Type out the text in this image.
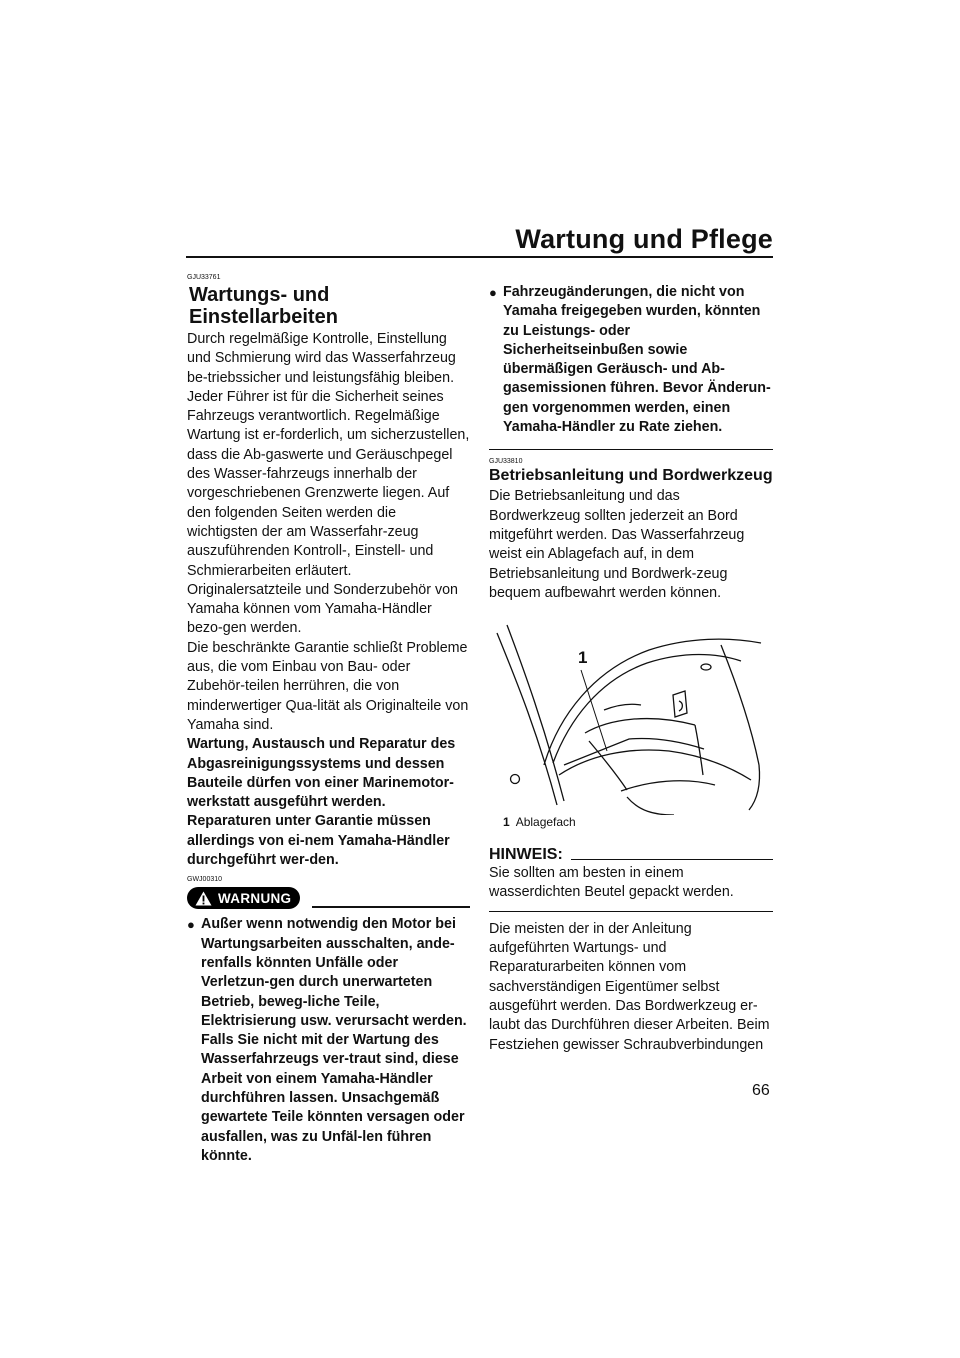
Wartung und Pflege

GJU33761

Wartungs- und Einstellarbeiten

Durch regelmäßige Kontrolle, Einstellung und Schmierung wird das Wasserfahrzeug be-triebssicher und leistungsfähig bleiben. Jeder Führer ist für die Sicherheit seines Fahrzeugs verantwortlich. Regelmäßige Wartung ist er-forderlich, um sicherzustellen, dass die Ab-gaswerte und Geräuschpegel des Wasser-fahrzeugs innerhalb der vorgeschriebenen Grenzwerte liegen. Auf den folgenden Seiten werden die wichtigsten der am Wasserfahr-zeug auszuführenden Kontroll-, Einstell- und Schmierarbeiten erläutert.

Originalersatzteile und Sonderzubehör von Yamaha können vom Yamaha-Händler bezo-gen werden.

Die beschränkte Garantie schließt Probleme aus, die vom Einbau von Bau- oder Zubehör-teilen herrühren, die von minderwertiger Qua-lität als Originalteile von Yamaha sind.

Wartung, Austausch und Reparatur des Abgasreinigungssystems und dessen Bauteile dürfen von einer Marinemotor-werkstatt ausgeführt werden. Reparaturen unter Garantie müssen allerdings von ei-nem Yamaha-Händler durchgeführt wer-den.

GWJ00310

WARNUNG
● Außer wenn notwendig den Motor bei Wartungsarbeiten ausschalten, ande-renfalls könnten Unfälle oder Verletzun-gen durch unerwarteten Betrieb, beweg-liche Teile, Elektrisierung usw. verursacht werden. Falls Sie nicht mit der Wartung des Wasserfahrzeugs ver-traut sind, diese Arbeit von einem Yamaha-Händler durchführen lassen. Unsachgemäß gewartete Teile könnten versagen oder ausfallen, was zu Unfäl-len führen könnte.

● Fahrzeugänderungen, die nicht von Yamaha freigegeben wurden, könnten zu Leistungs- oder Sicherheitseinbußen sowie übermäßigen Geräusch- und Ab-gasemissionen führen. Bevor Änderun-gen vorgenommen werden, einen Yamaha-Händler zu Rate ziehen.

GJU33810

Betriebsanleitung und Bordwerkzeug

Die Betriebsanleitung und das Bordwerkzeug sollten jederzeit an Bord mitgeführt werden. Das Wasserfahrzeug weist ein Ablagefach auf, in dem Betriebsanleitung und Bordwerk-zeug bequem aufbewahrt werden können.

1
1 Ablagefach
HINWEIS:

Sie sollten am besten in einem wasserdichten Beutel gepackt werden.

Die meisten der in der Anleitung aufgeführten Wartungs- und Reparaturarbeiten können vom sachverständigen Eigentümer selbst ausgeführt werden. Das Bordwerkzeug er-laubt das Durchführen dieser Arbeiten. Beim Festziehen gewisser Schraubverbindungen

66
